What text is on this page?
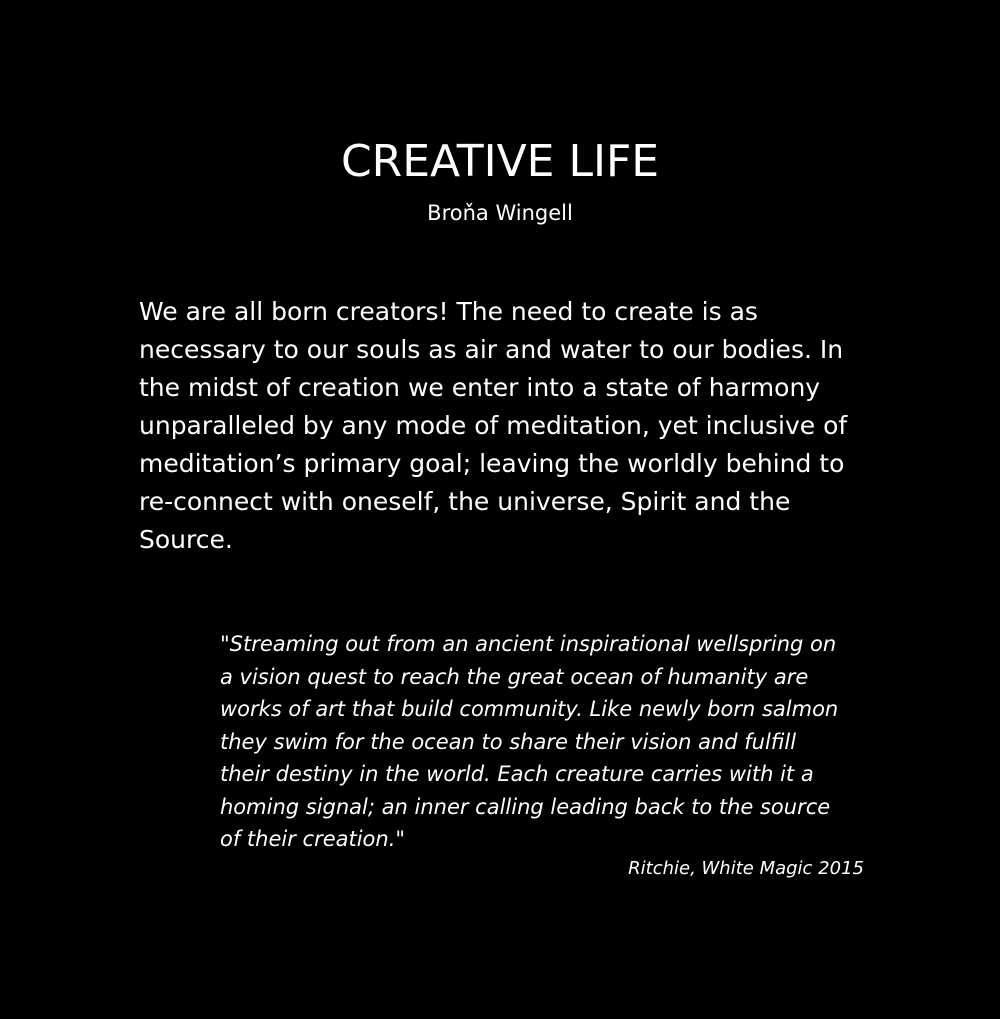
CREATIVE LIFE
Broňa Wingell

We are all born creators! The need to create is as
necessary to our souls as air and water to our bodies. In
the midst of creation we enter into a state of harmony
unparalleled by any mode of meditation, yet inclusive of
meditation’s primary goal; leaving the worldly behind to
re-connect with oneself, the universe, Spirit and the
Source.

"Streaming out from an ancient inspirational wellspring on
a vision quest to reach the great ocean of humanity are
works of art that build community. Like newly born salmon
they swim for the ocean to share their vision and fulfill
their destiny in the world. Each creature carries with it a
homing signal; an inner calling leading back to the source
of their creation."
Ritchie, White Magic 2015
